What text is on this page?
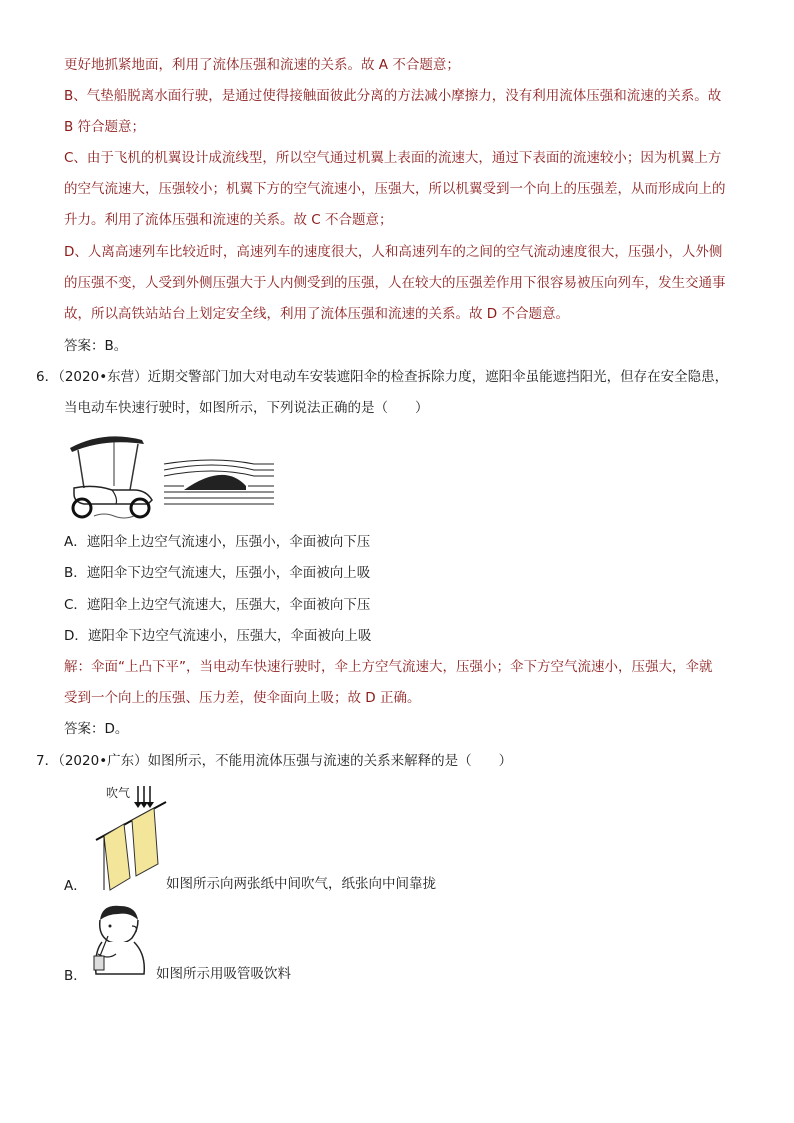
更好地抓紧地面，利用了流体压强和流速的关系。故 A 不合题意；
B、气垫船脱离水面行驶，是通过使得接触面彼此分离的方法减小摩擦力，没有利用流体压强和流速的关系。故
B 符合题意；
C、由于飞机的机翼设计成流线型，所以空气通过机翼上表面的流速大，通过下表面的流速较小；因为机翼上方
的空气流速大，压强较小；机翼下方的空气流速小，压强大，所以机翼受到一个向上的压强差，从而形成向上的
升力。利用了流体压强和流速的关系。故 C 不合题意；
D、人离高速列车比较近时，高速列车的速度很大，人和高速列车的之间的空气流动速度很大，压强小，人外侧
的压强不变，人受到外侧压强大于人内侧受到的压强，人在较大的压强差作用下很容易被压向列车，发生交通事
故，所以高铁站站台上划定安全线，利用了流体压强和流速的关系。故 D 不合题意。
答案：B。
6．（2020•东营）近期交警部门加大对电动车安装遮阳伞的检查拆除力度，遮阳伞虽能遮挡阳光，但存在安全隐患，
当电动车快速行驶时，如图所示，下列说法正确的是（　　）
A．遮阳伞上边空气流速小，压强小，伞面被向下压
B．遮阳伞下边空气流速大，压强小，伞面被向上吸
C．遮阳伞上边空气流速大，压强大，伞面被向下压
D．遮阳伞下边空气流速小，压强大，伞面被向上吸
解：伞面“上凸下平”，当电动车快速行驶时，伞上方空气流速大，压强小；伞下方空气流速小，压强大，伞就
受到一个向上的压强、压力差，使伞面向上吸；故 D 正确。
答案：D。
7．（2020•广东）如图所示，不能用流体压强与流速的关系来解释的是（　　）
吹气
A．	如图所示向两张纸中间吹气，纸张向中间靠拢
B．	如图所示用吸管吸饮料
